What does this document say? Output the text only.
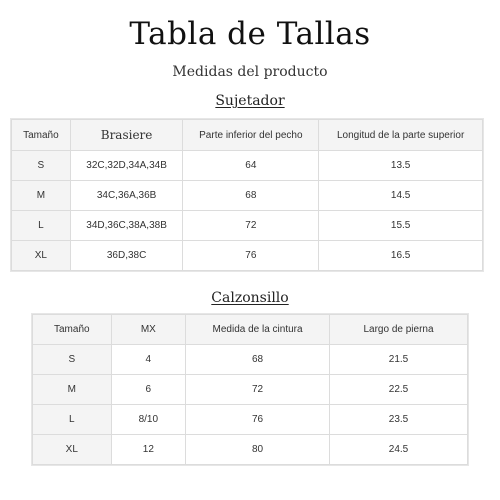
Tabla de Tallas
Medidas del producto
Sujetador
Tamaño	Brasiere	Parte inferior del pecho	Longitud de la parte superior
S	32C,32D,34A,34B	64	13.5
M	34C,36A,36B	68	14.5
L	34D,36C,38A,38B	72	15.5
XL	36D,38C	76	16.5
Calzonsillo
Tamaño	MX	Medida de la cintura	Largo de pierna
S	4	68	21.5
M	6	72	22.5
L	8/10	76	23.5
XL	12	80	24.5
